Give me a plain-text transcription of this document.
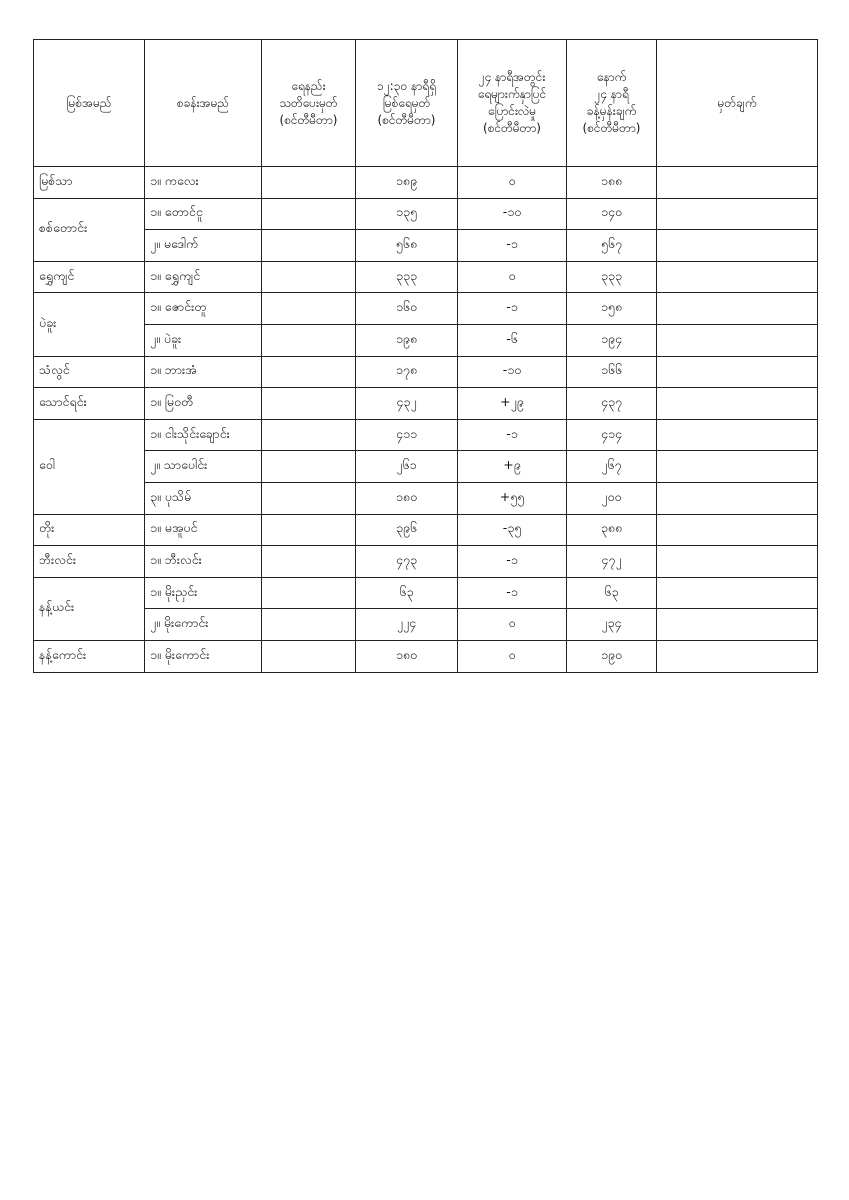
မြစ်အမည်	စခန်းအမည်	ရေနည်း
သတိပေးမှတ်
(စင်တီမီတာ)	၁၂:၃၀ နာရီရှိ
မြစ်ရေမှတ်
(စင်တီမီတာ)	၂၄ နာရီအတွင်း
ရေများက်နှာပြင်
ပြောင်းလဲမှု
(စင်တီမီတာ)	နောက်
၂၄ နာရီ
ခန့်မှန်းချက်
(စင်တီမီတာ)	မှတ်ချက်
မြစ်သာ	၁။ ကလေး		၁၈၉	၀	၁၈၈	
စစ်တောင်း	၁။ တောင်ငူ		၁၃၅	-၁၀	၁၄၀	
	၂။ မဒေါက်		၅၆၈	-၁	၅၆၇	
ရွှေကျင်	၁။ ရွှေကျင်		၃၃၃	၀	၃၃၃	
ပဲခူး	၁။ ဇောင်းတူ		၁၆၀	-၁	၁၅၈	
	၂။ ပဲခူး		၁၉၈	-၆	၁၉၄	
သံလွင်	၁။ ဘားအံ		၁၇၈	-၁၀	၁၆၆	
သောင်ရင်း	၁။ မြဝတီ		၄၃၂	+၂၉	၄၃၇	
ဝေါ	၁။ ငါးသိုင်းချောင်း		၄၁၁	-၁	၄၁၄	
	၂။ သာပေါင်း		၂၆၁	+၉	၂၆၇	
	၃။ ပုသိမ်		၁၈၀	+၅၅	၂၀၀	
တိုး	၁။ မအူပင်		၃၉၆	-၃၅	၃၈၈	
ဘီးလင်း	၁။ ဘီးလင်း		၄၇၃	-၁	၄၇၂	
နန့်ယင်း	၁။ မိုးညှင်း		၆၃	-၁	၆၃	
	၂။ မိုးကောင်း		၂၂၄	၀	၂၃၄	
နန့်ကောင်း	၁။ မိုးကောင်း		၁၈၀	၀	၁၉၀	
